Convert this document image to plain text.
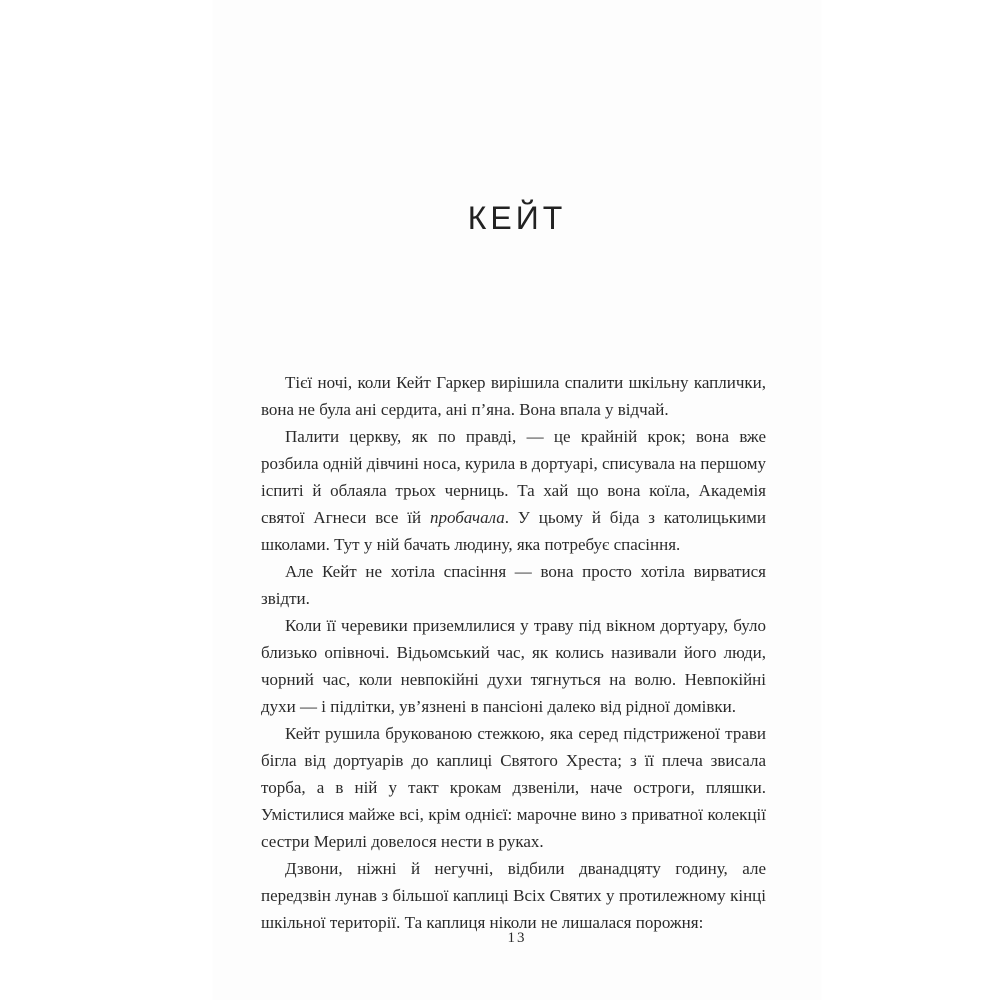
КЕЙТ

Тієї ночі, коли Кейт Гаркер вирішила спалити шкільну каплички, вона не була ані сердита, ані п’яна. Вона впала у відчай.

Палити церкву, як по правді, — це крайній крок; вона вже розбила одній дівчині носа, курила в дортуарі, списувала на першому іспиті й облаяла трьох черниць. Та хай що вона коїла, Академія святої Агнеси все їй пробачала. У цьому й біда з католицькими школами. Тут у ній бачать людину, яка потребує спасіння.

Але Кейт не хотіла спасіння — вона просто хотіла вирватися звідти.

Коли її черевики приземлилися у траву під вікном дортуару, було близько опівночі. Відьомський час, як колись називали його люди, чорний час, коли невпокійні духи тягнуться на волю. Невпокійні духи — і підлітки, ув’язнені в пансіоні далеко від рідної домівки.

Кейт рушила брукованою стежкою, яка серед підстриженої трави бігла від дортуарів до каплиці Святого Хреста; з її плеча звисала торба, а в ній у такт крокам дзвеніли, наче остроги, пляшки. Умістилися майже всі, крім однієї: марочне вино з приватної колекції сестри Мерилі довелося нести в руках.

Дзвони, ніжні й негучні, відбили дванадцяту годину, але передзвін лунав з більшої каплиці Всіх Святих у протилежному кінці шкільної території. Та каплиця ніколи не лишалася порожня:

13
